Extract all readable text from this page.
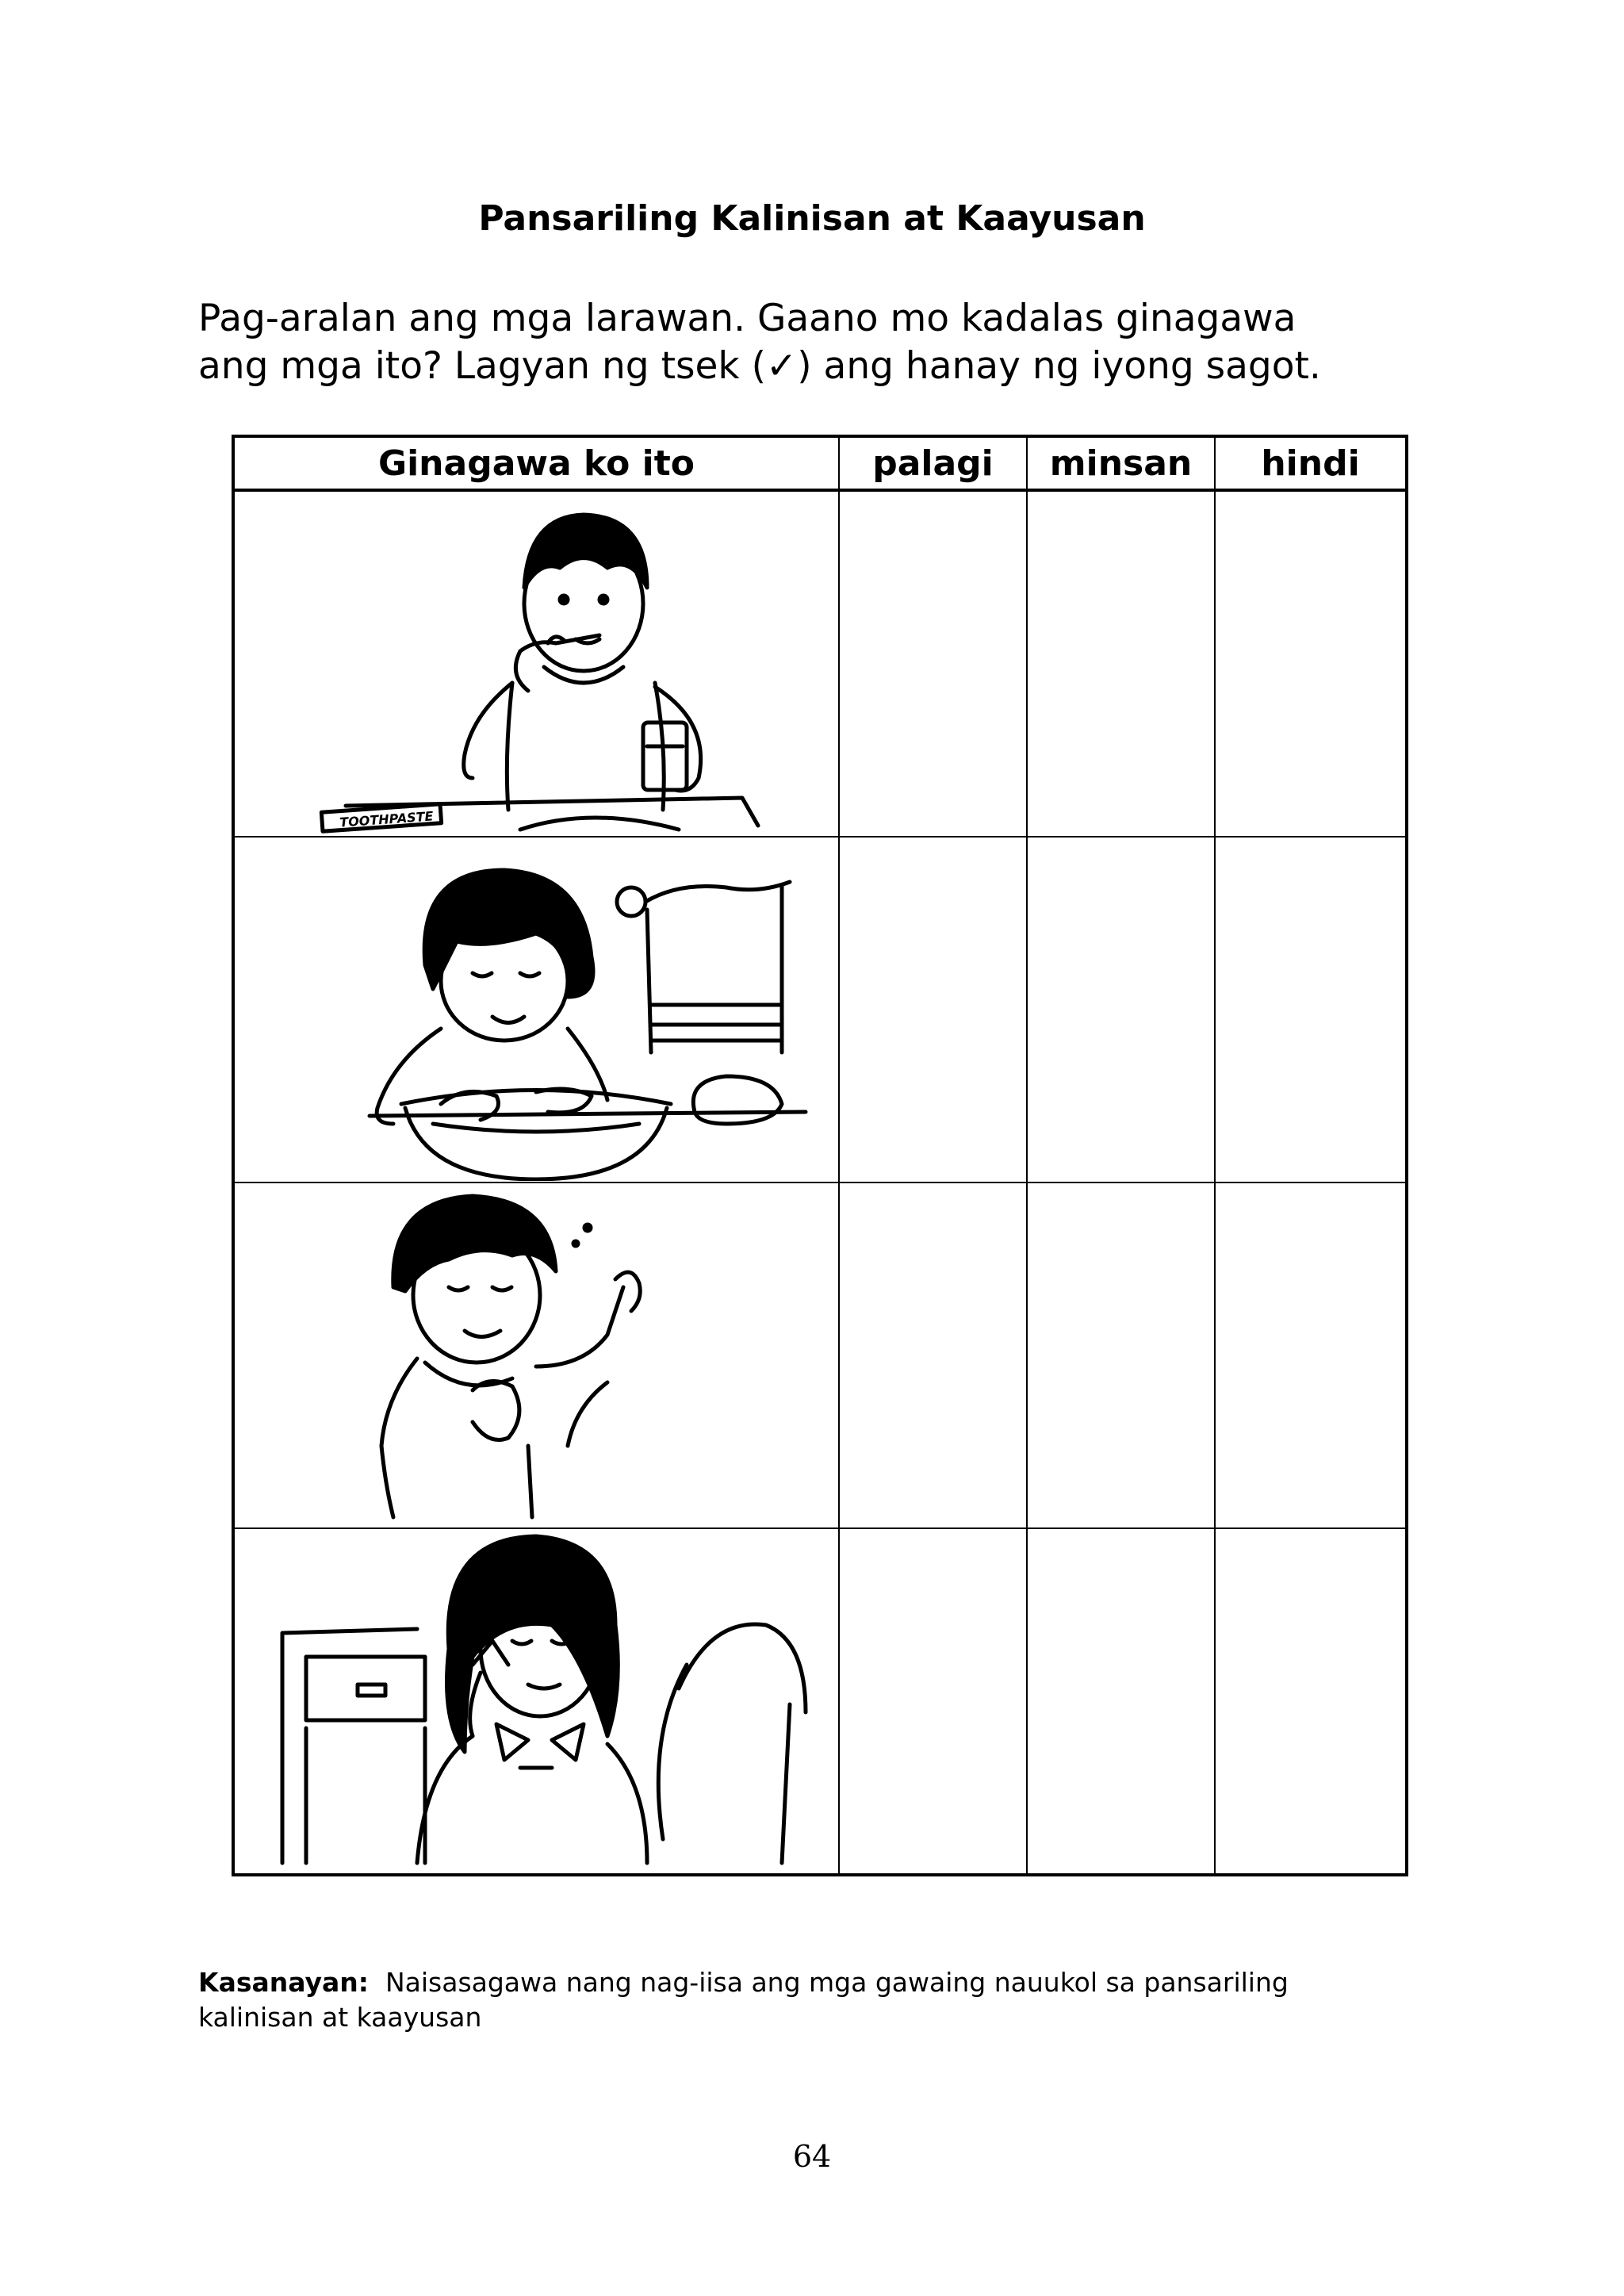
Pansariling Kalinisan at Kaayusan
Pag-aralan ang mga larawan. Gaano mo kadalas ginagawa
ang mga ito? Lagyan ng tsek (✓) ang hanay ng iyong sagot.
Ginagawa ko ito	palagi	minsan	hindi

TOOTHPASTE			

Kasanayan: Naisasagawa nang nag-iisa ang mga gawaing nauukol sa pansariling kalinisan at kaayusan
64
